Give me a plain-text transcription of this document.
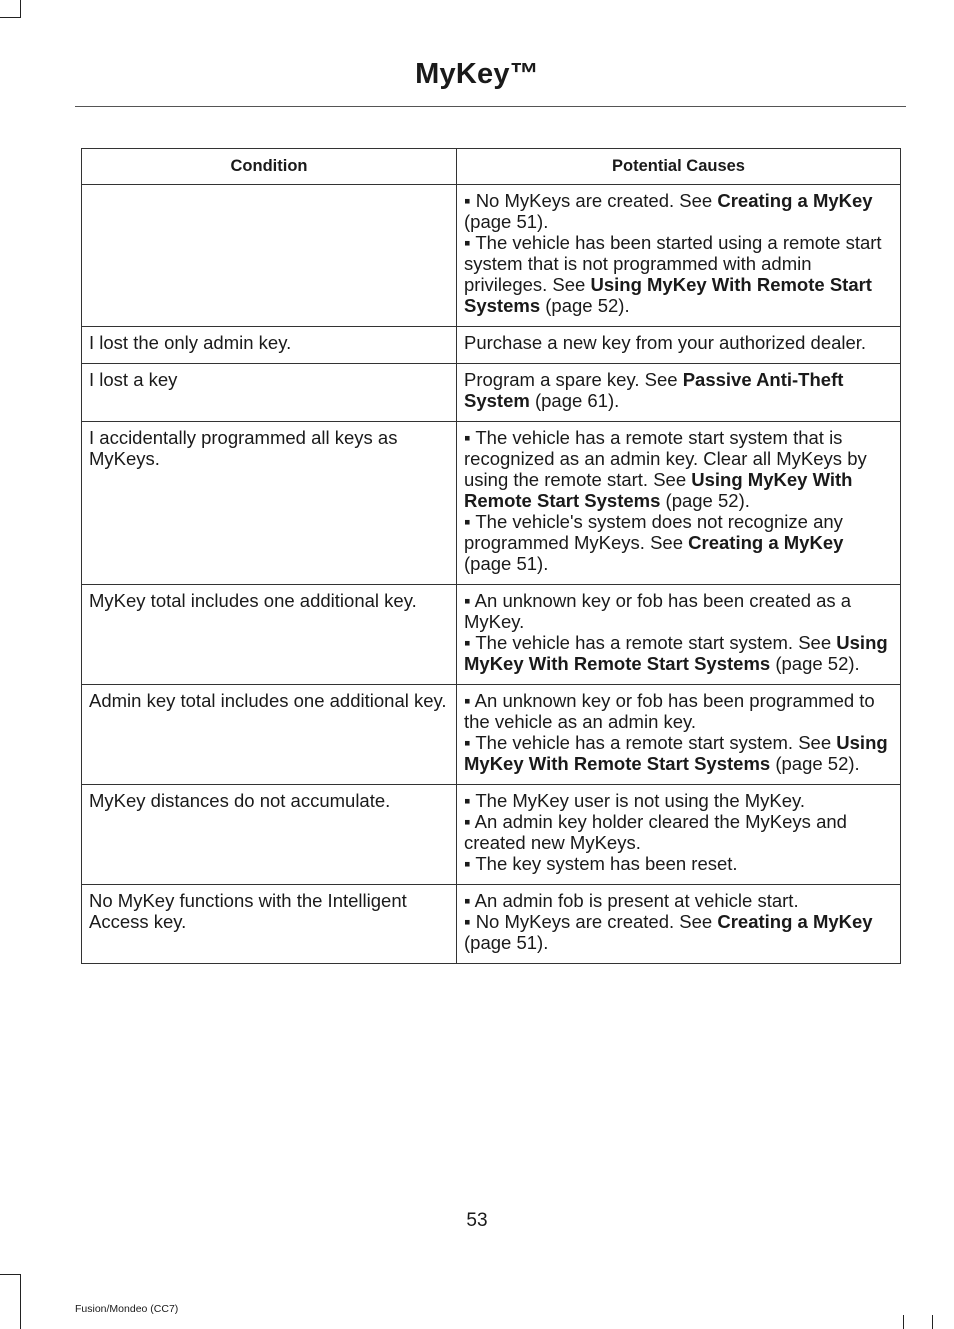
MyKey™
Condition	Potential Causes

	▪ No MyKeys are created. See Creating a MyKey (page 51).
▪ The vehicle has been started using a remote start system that is not programmed with admin privileges. See Using MyKey With Remote Start Systems (page 52).

I lost the only admin key.	Purchase a new key from your authorized dealer.

I lost a key	Program a spare key. See Passive Anti-Theft System (page 61).

I accidentally programmed all keys as MyKeys.	▪ The vehicle has a remote start system that is recognized as an admin key. Clear all MyKeys by using the remote start. See Using MyKey With Remote Start Systems (page 52).
▪ The vehicle's system does not recognize any programmed MyKeys. See Creating a MyKey (page 51).

MyKey total includes one additional key.	▪ An unknown key or fob has been created as a MyKey.
▪ The vehicle has a remote start system. See Using MyKey With Remote Start Systems (page 52).

Admin key total includes one additional key.	▪ An unknown key or fob has been programmed to the vehicle as an admin key.
▪ The vehicle has a remote start system. See Using MyKey With Remote Start Systems (page 52).

MyKey distances do not accumulate.	▪ The MyKey user is not using the MyKey.
▪ An admin key holder cleared the MyKeys and created new MyKeys.
▪ The key system has been reset.

No MyKey functions with the Intelligent Access key.	▪ An admin fob is present at vehicle start.
▪ No MyKeys are created. See Creating a MyKey (page 51).
53
Fusion/Mondeo (CC7)
